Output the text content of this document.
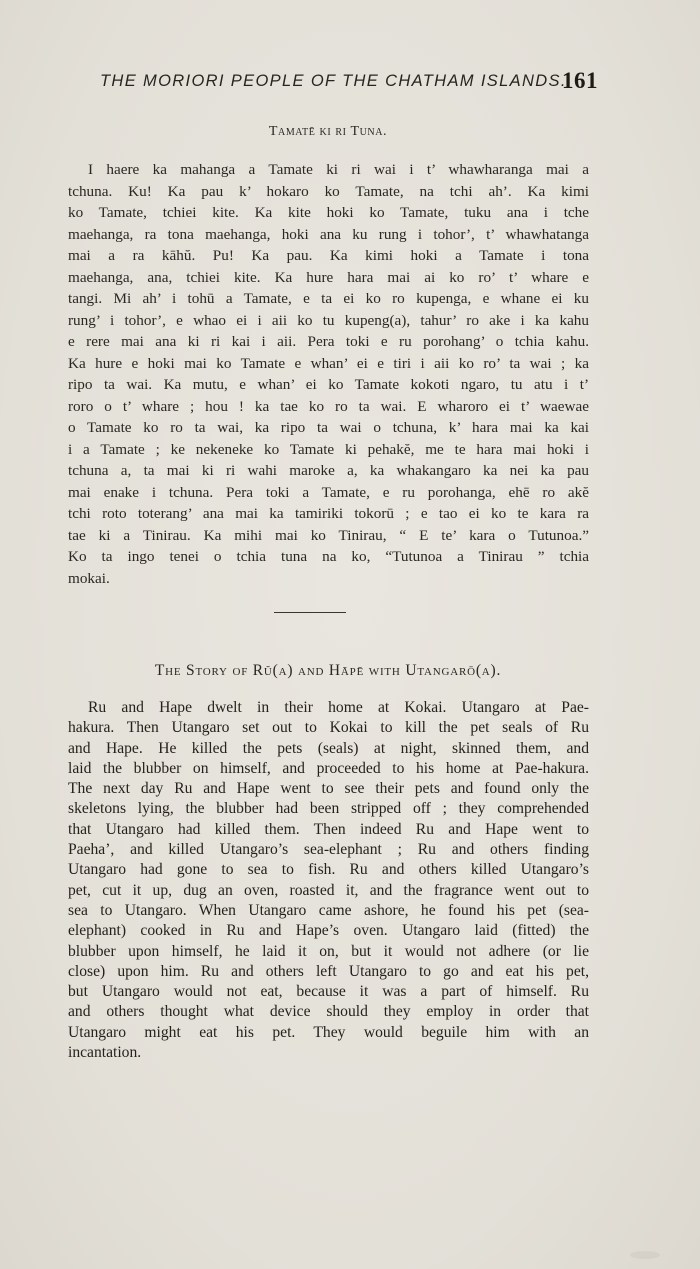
THE MORIORI PEOPLE OF THE CHATHAM ISLANDS.
161
Tamatē ki ri Tuna.
I haere ka mahanga a Tamate ki ri wai i t’ whawharanga mai a
tchuna. Ku! Ka pau k’ hokaro ko Tamate, na tchi ah’. Ka kimi
ko Tamate, tchiei kite. Ka kite hoki ko Tamate, tuku ana i tche
maehanga, ra tona maehanga, hoki ana ku rung i tohor’, t’ whawhatanga
mai a ra kāhŭ. Pu! Ka pau. Ka kimi hoki a Tamate i tona
maehanga, ana, tchiei kite. Ka hure hara mai ai ko ro’ t’ whare e
tangi. Mi ah’ i tohū a Tamate, e ta ei ko ro kupenga, e whane ei ku
rung’ i tohor’, e whao ei i aii ko tu kupeng(a), tahur’ ro ake i ka kahu
e rere mai ana ki ri kai i aii. Pera toki e ru porohang’ o tchia kahu.
Ka hure e hoki mai ko Tamate e whan’ ei e tiri i aii ko ro’ ta wai ; ka
ripo ta wai. Ka mutu, e whan’ ei ko Tamate kokoti ngaro, tu atu i t’
roro o t’ whare ; hou ! ka tae ko ro ta wai. E wharoro ei t’ waewae
o Tamate ko ro ta wai, ka ripo ta wai o tchuna, k’ hara mai ka kai
i a Tamate ; ke nekeneke ko Tamate ki pehakĕ, me te hara mai hoki i
tchuna a, ta mai ki ri wahi maroke a, ka whakangaro ka nei ka pau
mai enake i tchuna. Pera toki a Tamate, e ru porohanga, ehē ro akĕ
tchi roto toterang’ ana mai ka tamiriki tokorū ; e tao ei ko te kara ra
tae ki a Tinirau. Ka mihi mai ko Tinirau, “ E te’ kara o Tutunoa.”
Ko ta ingo tenei o tchia tuna na ko, “Tutunoa a Tinirau ” tchia
mokai.
The Story of Rŭ(a) and Hāpē with Utangarō(a).
Ru and Hape dwelt in their home at Kokai. Utangaro at Pae-
hakura. Then Utangaro set out to Kokai to kill the pet seals of Ru
and Hape. He killed the pets (seals) at night, skinned them, and
laid the blubber on himself, and proceeded to his home at Pae-hakura.
The next day Ru and Hape went to see their pets and found only the
skeletons lying, the blubber had been stripped off ; they comprehended
that Utangaro had killed them. Then indeed Ru and Hape went to
Paeha’, and killed Utangaro’s sea-elephant ; Ru and others finding
Utangaro had gone to sea to fish. Ru and others killed Utangaro’s
pet, cut it up, dug an oven, roasted it, and the fragrance went out to
sea to Utangaro. When Utangaro came ashore, he found his pet (sea-
elephant) cooked in Ru and Hape’s oven. Utangaro laid (fitted) the
blubber upon himself, he laid it on, but it would not adhere (or lie
close) upon him. Ru and others left Utangaro to go and eat his pet,
but Utangaro would not eat, because it was a part of himself. Ru
and others thought what device should they employ in order that
Utangaro might eat his pet. They would beguile him with an
incantation.
